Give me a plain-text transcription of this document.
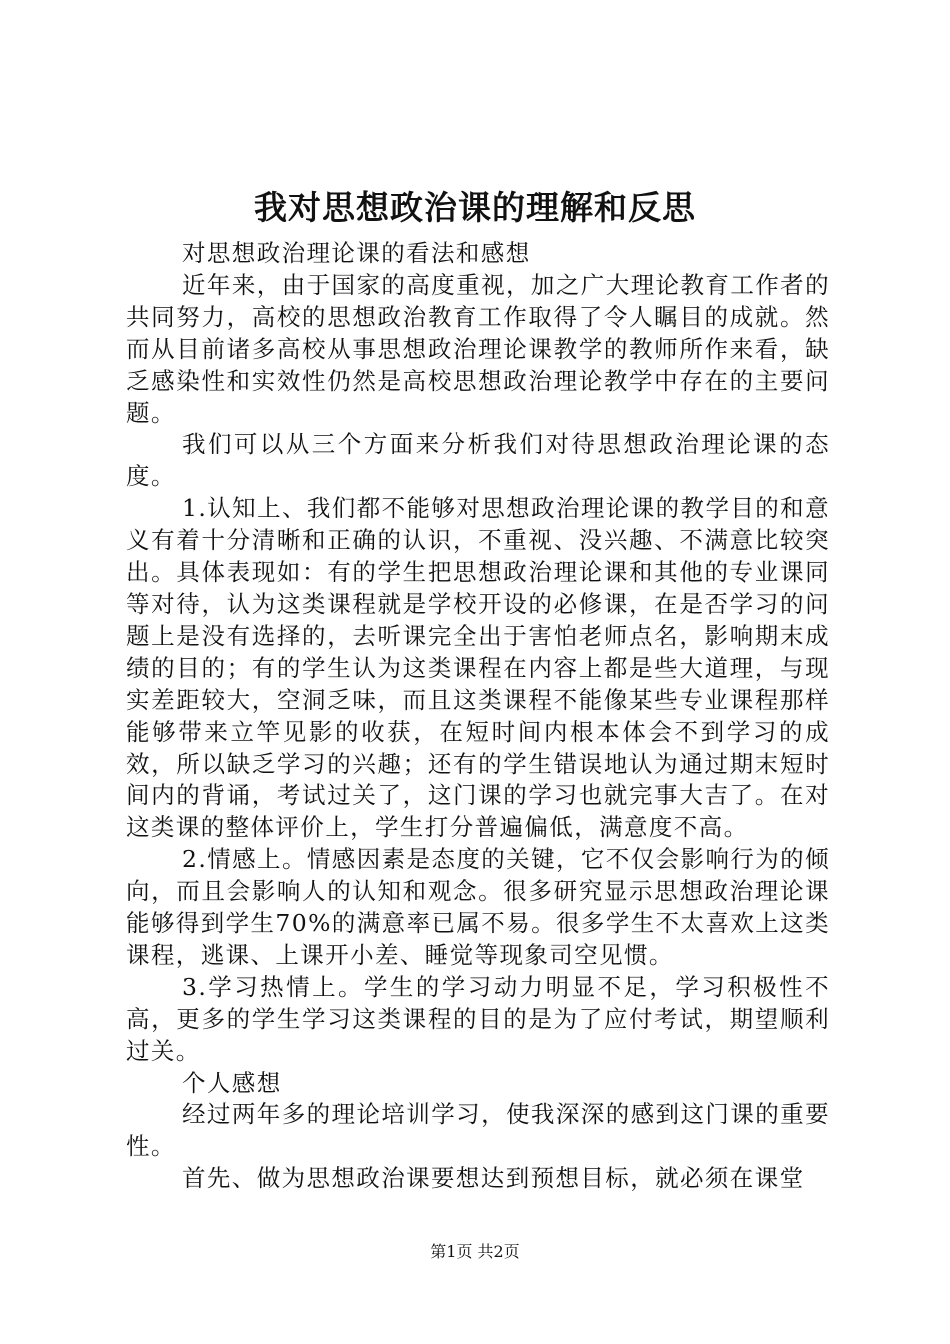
我对思想政治课的理解和反思

对思想政治理论课的看法和感想

近年来，由于国家的高度重视，加之广大理论教育工作者的共同努力，高校的思想政治教育工作取得了令人瞩目的成就。然而从目前诸多高校从事思想政治理论课教学的教师所作来看，缺乏感染性和实效性仍然是高校思想政治理论教学中存在的主要问题。

我们可以从三个方面来分析我们对待思想政治理论课的态度。

1.认知上、我们都不能够对思想政治理论课的教学目的和意义有着十分清晰和正确的认识，不重视、没兴趣、不满意比较突出。具体表现如：有的学生把思想政治理论课和其他的专业课同等对待，认为这类课程就是学校开设的必修课，在是否学习的问题上是没有选择的，去听课完全出于害怕老师点名，影响期末成绩的目的；有的学生认为这类课程在内容上都是些大道理，与现实差距较大，空洞乏味，而且这类课程不能像某些专业课程那样能够带来立竿见影的收获，在短时间内根本体会不到学习的成效，所以缺乏学习的兴趣；还有的学生错误地认为通过期末短时间内的背诵，考试过关了，这门课的学习也就完事大吉了。在对这类课的整体评价上，学生打分普遍偏低，满意度不高。

2.情感上。情感因素是态度的关键，它不仅会影响行为的倾向，而且会影响人的认知和观念。很多研究显示思想政治理论课能够得到学生70%的满意率已属不易。很多学生不太喜欢上这类课程，逃课、上课开小差、睡觉等现象司空见惯。

3.学习热情上。学生的学习动力明显不足，学习积极性不高，更多的学生学习这类课程的目的是为了应付考试，期望顺利过关。

个人感想

经过两年多的理论培训学习，使我深深的感到这门课的重要性。

首先、做为思想政治课要想达到预想目标，就必须在课堂

第1页 共2页
